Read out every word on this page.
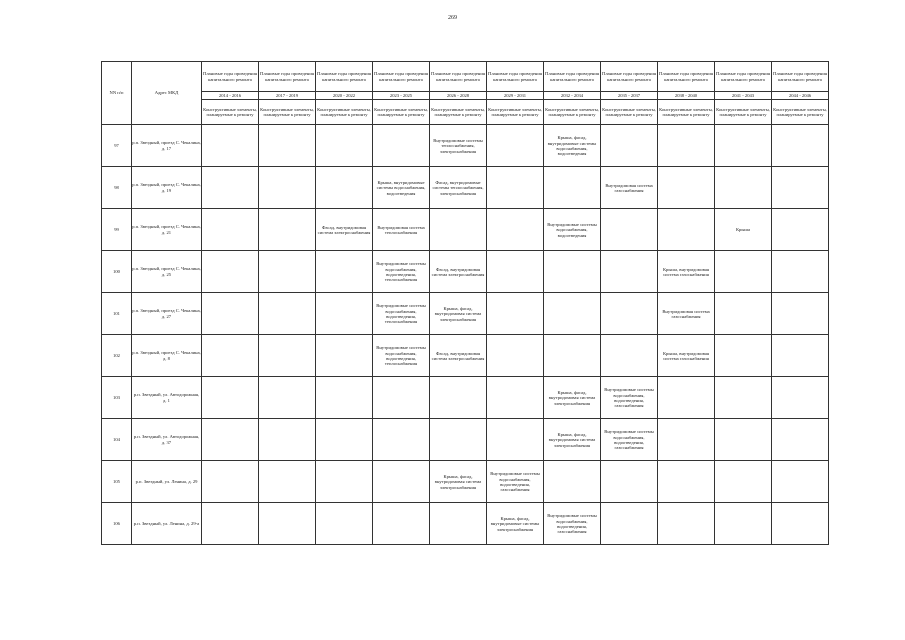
269
NN п/п	Адрес МКД	Плановые годы проведения капитального ремонта	Плановые годы проведения капитального ремонта	Плановые годы проведения капитального ремонта	Плановые годы проведения капитального ремонта	Плановые годы проведения капитального ремонта	Плановые годы проведения капитального ремонта	Плановые годы проведения капитального ремонта	Плановые годы проведения капитального ремонта	Плановые годы проведения капитального ремонта	Плановые годы проведения капитального ремонта	Плановые годы проведения капитального ремонта
		2014 - 2016	2017 - 2019	2020 - 2022	2023 - 2025	2026 - 2028	2029 - 2031	2032 - 2034	2035 - 2037	2038 - 2040	2041 - 2043	2044 - 2046
		Конструктивные элементы, планируемые к ремонту	Конструктивные элементы, планируемые к ремонту	Конструктивные элементы, планируемые к ремонту	Конструктивные элементы, планируемые к ремонту	Конструктивные элементы, планируемые к ремонту	Конструктивные элементы, планируемые к ремонту	Конструктивные элементы, планируемые к ремонту	Конструктивные элементы, планируемые к ремонту	Конструктивные элементы, планируемые к ремонту	Конструктивные элементы, планируемые к ремонту	Конструктивные элементы, планируемые к ремонту
97	р.п. Звездный, проезд С. Чекалина, д. 17					Внутридомовые системы теплоснабжения, электроснабжения		Крыша, фасад, внутридомовые системы водоснабжения, водоотведения				

98	р.п. Звездный, проезд С. Чекалина, д. 19				Крыша, внутридомовые системы водоснабжения, водоотведения	Фасад, внутридомовые системы теплоснабжения, электроснабжения			Внутридомовая система газоснабжения			

99	р.п. Звездный, проезд С. Чекалина, д. 21			Фасад, внутридомовая система электроснабжения	Внутридомовая система теплоснабжения			Внутридомовые системы водоснабжения, водоотведения			Крыша	

100	р.п. Звездный, проезд С. Чекалина, д. 25				Внутридомовые системы водоснабжения, водоотведения, теплоснабжения	Фасад, внутридомовая система электроснабжения				Крыша, внутридомовая система газоснабжения		

101	р.п. Звездный, проезд С. Чекалина, д. 27				Внутридомовые системы водоснабжения, водоотведения, теплоснабжения	Крыша, фасад, внутридомовая система электроснабжения				Внутридомовая система газоснабжения		

102	р.п. Звездный, проезд С. Чекалина, д. 8				Внутридомовые системы водоснабжения, водоотведения, теплоснабжения	Фасад, внутридомовая система электроснабжения				Крыша, внутридомовая система газоснабжения		

103	р.п. Звездный, ул. Автодорожная, д. 1							Крыша, фасад, внутридомовая система электроснабжения	Внутридомовые системы водоснабжения, водоотведения, газоснабжения			

104	р.п. Звездный, ул. Автодорожная, д. 37							Крыша, фасад, внутридомовая система электроснабжения	Внутридомовые системы водоснабжения, водоотведения, газоснабжения			

105	р.п. Звездный, ул. Ленина, д. 29					Крыша, фасад, внутридомовая система электроснабжения	Внутридомовые системы водоснабжения, водоотведения, газоснабжения					

106	р.п. Звездный, ул. Ленина, д. 29-а						Крыша, фасад, внутридомовые системы электроснабжения	Внутридомовые системы водоснабжения, водоотведения, газоснабжения				
